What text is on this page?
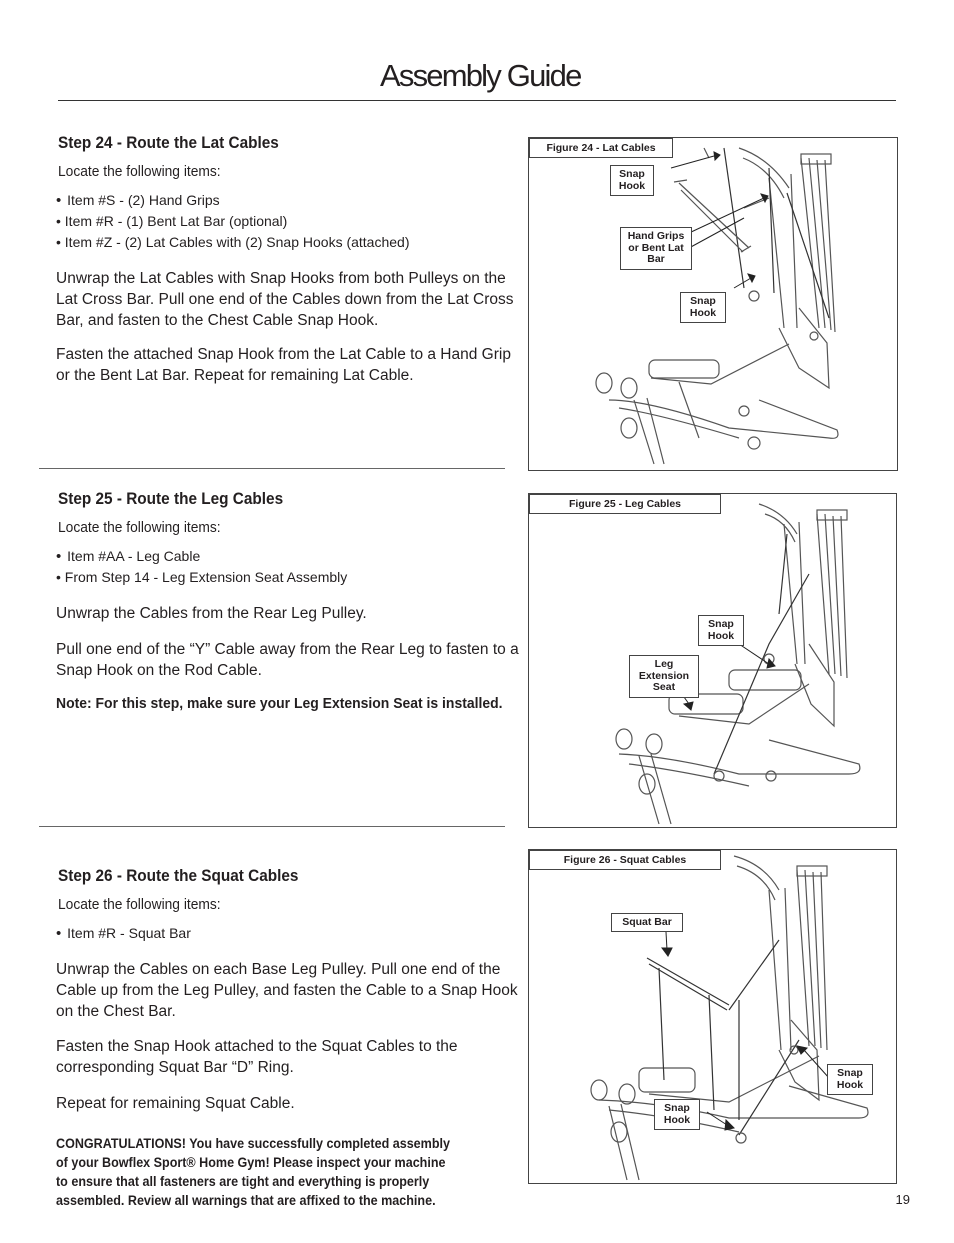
Assembly Guide
Step 24 - Route the Lat Cables
Locate the following items:
• Item #S - (2) Hand Grips
• Item #R - (1) Bent Lat Bar (optional)
• Item #Z - (2) Lat Cables with (2) Snap Hooks (attached)
Unwrap the Lat Cables with Snap Hooks from both Pulleys on the Lat Cross Bar. Pull one end of the Cables down from the Lat Cross Bar, and fasten to the Chest Cable Snap Hook.
Fasten the attached Snap Hook from the Lat Cable to a Hand Grip or the Bent Lat Bar. Repeat for remaining Lat Cable.
Figure 24 - Lat Cables
Snap Hook
Hand Grips or Bent Lat Bar
Snap Hook
Step 25 - Route the Leg Cables
Locate the following items:
• Item #AA - Leg Cable
• From Step 14 - Leg Extension Seat Assembly
Unwrap the Cables from the Rear Leg Pulley.
Pull one end of the “Y” Cable away from the Rear Leg to fasten to a Snap Hook on the Rod Cable.
Note: For this step, make sure your Leg Extension Seat is installed.
Figure 25 - Leg Cables
Snap Hook
Leg Extension Seat
Step 26 - Route the Squat Cables
Locate the following items:
• Item #R - Squat Bar
Unwrap the Cables on each Base Leg Pulley. Pull one end of the Cable up from the Leg Pulley, and fasten the Cable to a Snap Hook on the Chest Bar.
Fasten the Snap Hook attached to the Squat Cables to the corresponding Squat Bar “D” Ring.
Repeat for remaining Squat Cable.
CONGRATULATIONS! You have successfully completed assembly
of your Bowflex Sport® Home Gym! Please inspect your machine
to ensure that all fasteners are tight and everything is properly
assembled. Review all warnings that are affixed to the machine.
Figure 26 - Squat Cables
Squat Bar
Snap Hook
Snap Hook
19
